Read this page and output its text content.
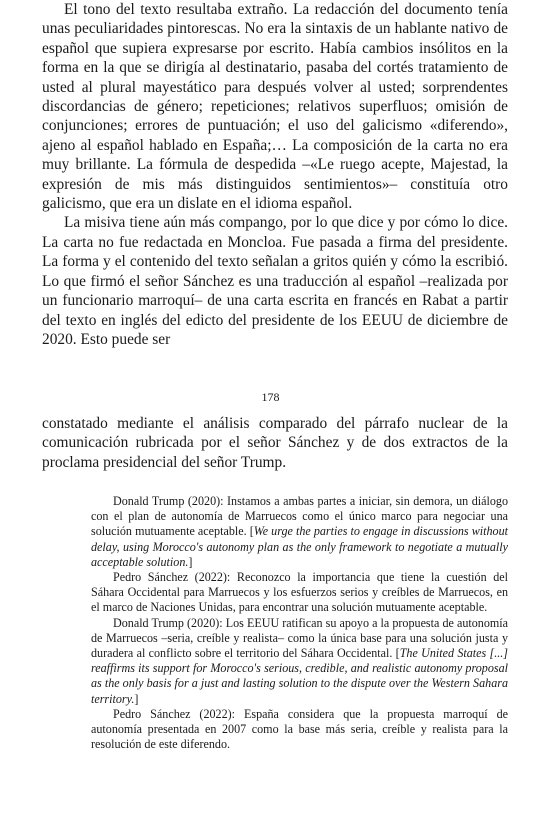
El tono del texto resultaba extraño. La redacción del documento tenía unas peculiaridades pintorescas. No era la sintaxis de un hablante nativo de español que supiera expresarse por escrito. Había cambios insólitos en la forma en la que se dirigía al destinatario, pasaba del cortés tratamiento de usted al plural mayestático para después volver al usted; sorprendentes discordancias de género; repeticiones; relativos superfluos; omisión de conjunciones; errores de puntuación; el uso del galicismo «diferendo», ajeno al español hablado en España;… La composición de la carta no era muy brillante. La fórmula de despedida –«Le ruego acepte, Majestad, la expresión de mis más distinguidos sentimientos»– constituía otro galicismo, que era un dislate en el idioma español.

La misiva tiene aún más compango, por lo que dice y por cómo lo dice. La carta no fue redactada en Moncloa. Fue pasada a firma del presidente. La forma y el contenido del texto señalan a gritos quién y cómo la escribió. Lo que firmó el señor Sánchez es una traducción al español –realizada por un funcionario marroquí– de una carta escrita en francés en Rabat a partir del texto en inglés del edicto del presidente de los EEUU de diciembre de 2020. Esto puede ser

178

constatado mediante el análisis comparado del párrafo nuclear de la comunicación rubricada por el señor Sánchez y de dos extractos de la proclama presidencial del señor Trump.

Donald Trump (2020): Instamos a ambas partes a iniciar, sin demora, un diálogo con el plan de autonomía de Marruecos como el único marco para negociar una solución mutuamente aceptable. [We urge the parties to engage in discussions without delay, using Morocco's autonomy plan as the only framework to negotiate a mutually acceptable solution.]

Pedro Sánchez (2022): Reconozco la importancia que tiene la cuestión del Sáhara Occidental para Marruecos y los esfuerzos serios y creíbles de Marruecos, en el marco de Naciones Unidas, para encontrar una solución mutuamente aceptable.

Donald Trump (2020): Los EEUU ratifican su apoyo a la propuesta de autonomía de Marruecos –seria, creíble y realista– como la única base para una solución justa y duradera al conflicto sobre el territorio del Sáhara Occidental. [The United States [...] reaffirms its support for Morocco's serious, credible, and realistic autonomy proposal as the only basis for a just and lasting solution to the dispute over the Western Sahara territory.]

Pedro Sánchez (2022): España considera que la propuesta marroquí de autonomía presentada en 2007 como la base más seria, creíble y realista para la resolución de este diferendo.
